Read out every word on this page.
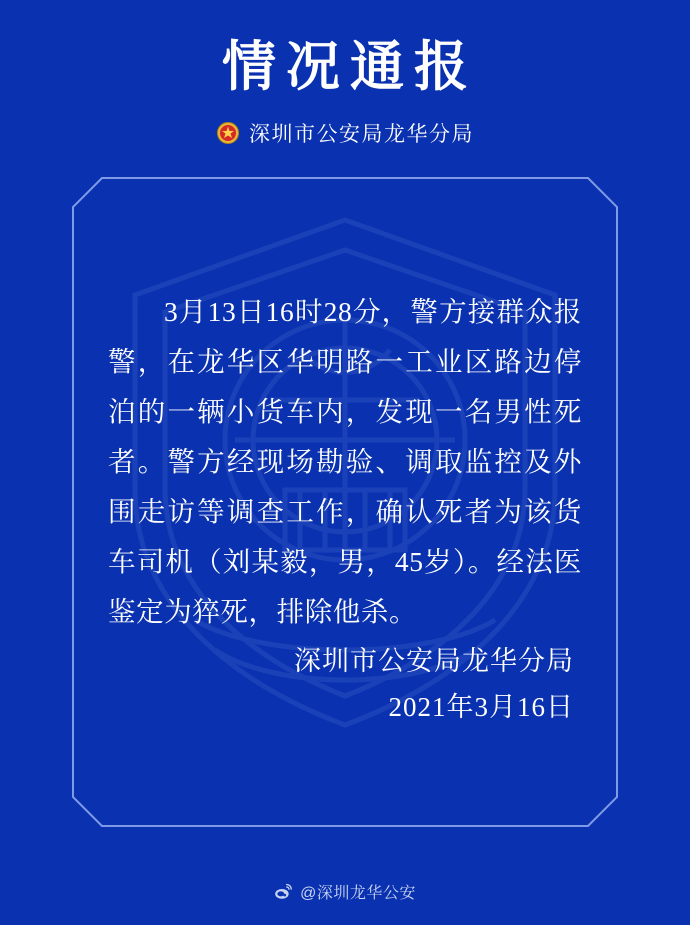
情况通报
深圳市公安局龙华分局
3月13日16时28分，警方接群众报警，在龙华区华明路一工业区路边停泊的一辆小货车内，发现一名男性死者。警方经现场勘验、调取监控及外围走访等调查工作，确认死者为该货车司机（刘某毅，男，45岁）。经法医鉴定为猝死，排除他杀。
深圳市公安局龙华分局
2021年3月16日
@深圳龙华公安
